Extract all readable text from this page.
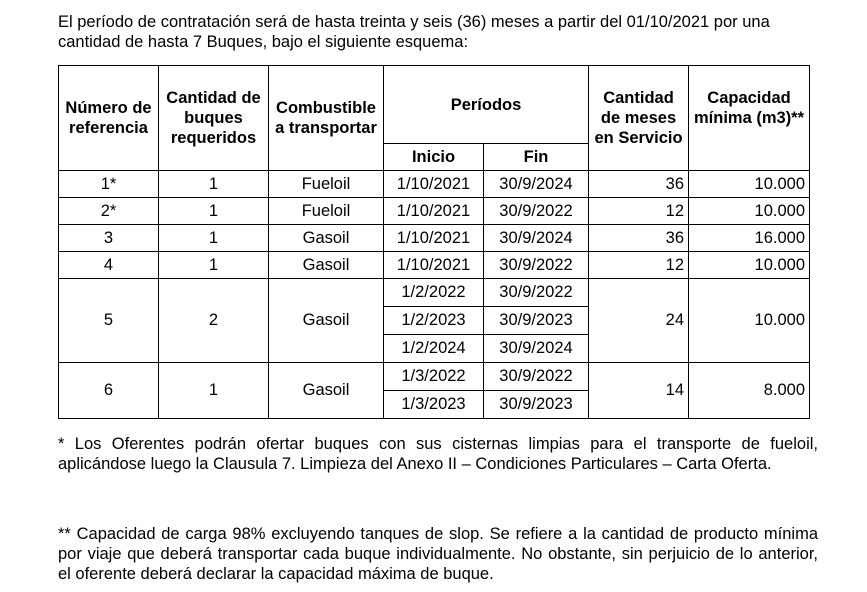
El período de contratación será de hasta treinta y seis (36) meses a partir del 01/10/2021 por una cantidad de hasta 7 Buques, bajo el siguiente esquema:

Número de referencia	Cantidad de buques requeridos	Combustible a transportar	Períodos		Cantidad de meses en Servicio	Capacidad mínima (m3)**
			Inicio	Fin		
1*	1	Fueloil	1/10/2021	30/9/2024	36	10.000
2*	1	Fueloil	1/10/2021	30/9/2022	12	10.000
3	1	Gasoil	1/10/2021	30/9/2024	36	16.000
4	1	Gasoil	1/10/2021	30/9/2022	12	10.000
5	2	Gasoil	1/2/2022	30/9/2022	24	10.000
			1/2/2023	30/9/2023		
			1/2/2024	30/9/2024		
6	1	Gasoil	1/3/2022	30/9/2022	14	8.000
			1/3/2023	30/9/2023		

* Los Oferentes podrán ofertar buques con sus cisternas limpias para el transporte de fueloil, aplicándose luego la Clausula 7. Limpieza del Anexo II – Condiciones Particulares – Carta Oferta.

** Capacidad de carga 98% excluyendo tanques de slop. Se refiere a la cantidad de producto mínima por viaje que deberá transportar cada buque individualmente. No obstante, sin perjuicio de lo anterior, el oferente deberá declarar la capacidad máxima de buque.
